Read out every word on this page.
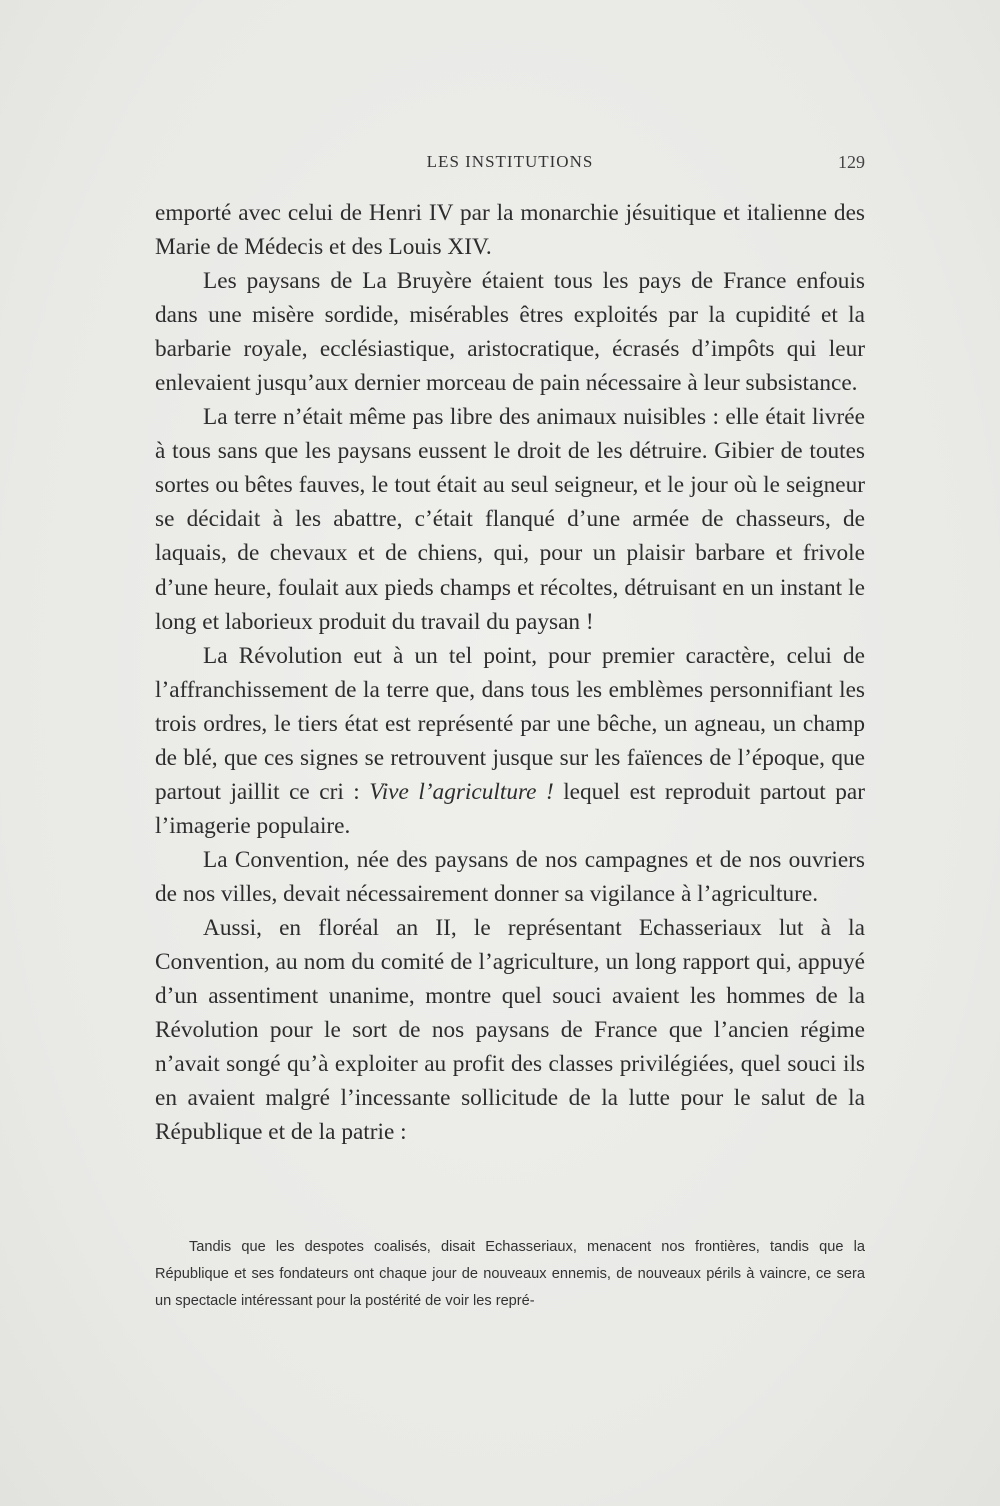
LES INSTITUTIONS	129

emporté avec celui de Henri IV par la monarchie jésuitique et italienne des Marie de Médecis et des Louis XIV.

Les paysans de La Bruyère étaient tous les pays de France enfouis dans une misère sordide, misérables êtres exploités par la cupidité et la barbarie royale, ecclésiastique, aristocratique, écrasés d’impôts qui leur enlevaient jusqu’aux dernier morceau de pain nécessaire à leur subsistance.

La terre n’était même pas libre des animaux nuisibles : elle était livrée à tous sans que les paysans eussent le droit de les détruire. Gibier de toutes sortes ou bêtes fauves, le tout était au seul seigneur, et le jour où le seigneur se décidait à les abattre, c’était flanqué d’une armée de chasseurs, de laquais, de chevaux et de chiens, qui, pour un plaisir barbare et frivole d’une heure, foulait aux pieds champs et récoltes, détruisant en un instant le long et laborieux produit du travail du paysan !

La Révolution eut à un tel point, pour premier caractère, celui de l’affranchissement de la terre que, dans tous les emblèmes personnifiant les trois ordres, le tiers état est représenté par une bêche, un agneau, un champ de blé, que ces signes se retrouvent jusque sur les faïences de l’époque, que partout jaillit ce cri : Vive l’agriculture ! lequel est reproduit partout par l’imagerie populaire.

La Convention, née des paysans de nos campagnes et de nos ouvriers de nos villes, devait nécessairement donner sa vigilance à l’agriculture.

Aussi, en floréal an II, le représentant Echasseriaux lut à la Convention, au nom du comité de l’agriculture, un long rapport qui, appuyé d’un assentiment unanime, montre quel souci avaient les hommes de la Révolution pour le sort de nos paysans de France que l’ancien régime n’avait songé qu’à exploiter au profit des classes privilégiées, quel souci ils en avaient malgré l’incessante sollicitude de la lutte pour le salut de la République et de la patrie :

Tandis que les despotes coalisés, disait Echasseriaux, menacent nos frontières, tandis que la République et ses fondateurs ont chaque jour de nouveaux ennemis, de nouveaux périls à vaincre, ce sera un spectacle intéressant pour la postérité de voir les repré-
